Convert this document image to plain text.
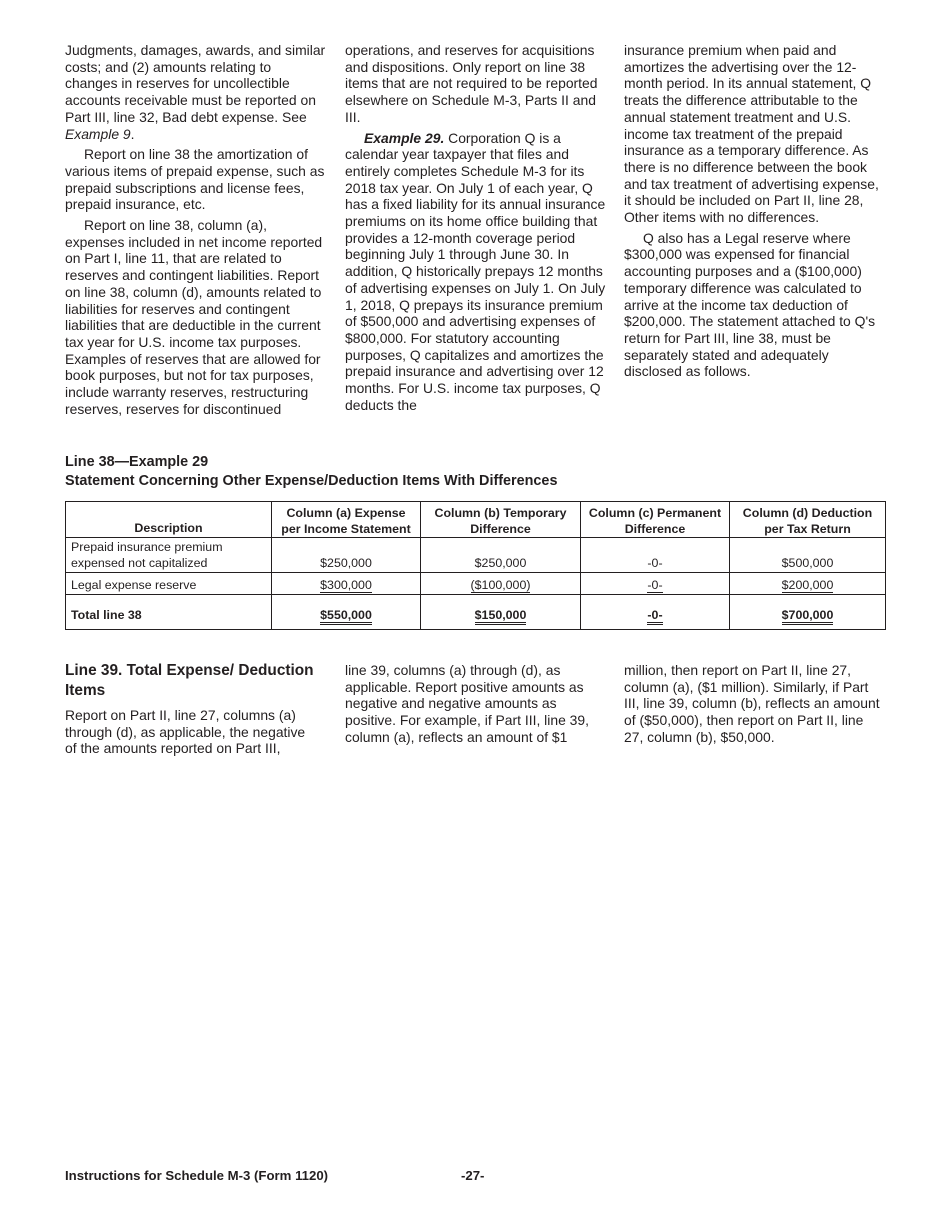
Judgments, damages, awards, and similar costs; and (2) amounts relating to changes in reserves for uncollectible accounts receivable must be reported on Part III, line 32, Bad debt expense. See Example 9.

Report on line 38 the amortization of various items of prepaid expense, such as prepaid subscriptions and license fees, prepaid insurance, etc.

Report on line 38, column (a), expenses included in net income reported on Part I, line 11, that are related to reserves and contingent liabilities. Report on line 38, column (d), amounts related to liabilities for reserves and contingent liabilities that are deductible in the current tax year for U.S. income tax purposes. Examples of reserves that are allowed for book purposes, but not for tax purposes, include warranty reserves, restructuring reserves, reserves for discontinued

operations, and reserves for acquisitions and dispositions. Only report on line 38 items that are not required to be reported elsewhere on Schedule M-3, Parts II and III.

Example 29. Corporation Q is a calendar year taxpayer that files and entirely completes Schedule M-3 for its 2018 tax year. On July 1 of each year, Q has a fixed liability for its annual insurance premiums on its home office building that provides a 12-month coverage period beginning July 1 through June 30. In addition, Q historically prepays 12 months of advertising expenses on July 1. On July 1, 2018, Q prepays its insurance premium of $500,000 and advertising expenses of $800,000. For statutory accounting purposes, Q capitalizes and amortizes the prepaid insurance and advertising over 12 months. For U.S. income tax purposes, Q deducts the

insurance premium when paid and amortizes the advertising over the 12-month period. In its annual statement, Q treats the difference attributable to the annual statement treatment and U.S. income tax treatment of the prepaid insurance as a temporary difference. As there is no difference between the book and tax treatment of advertising expense, it should be included on Part II, line 28, Other items with no differences.

Q also has a Legal reserve where $300,000 was expensed for financial accounting purposes and a ($100,000) temporary difference was calculated to arrive at the income tax deduction of $200,000. The statement attached to Q's return for Part III, line 38, must be separately stated and adequately disclosed as follows.

Line 38—Example 29
Statement Concerning Other Expense/Deduction Items With Differences
Description	Column (a) Expense per Income Statement	Column (b) Temporary Difference	Column (c) Permanent Difference	Column (d) Deduction per Tax Return
Prepaid insurance premium expensed not capitalized	$250,000	$250,000	-0-	$500,000
Legal expense reserve	$300,000	($100,000)	-0-	$200,000
Total line 38	$550,000	$150,000	-0-	$700,000
Line 39. Total Expense/ Deduction Items

Report on Part II, line 27, columns (a) through (d), as applicable, the negative of the amounts reported on Part III,

line 39, columns (a) through (d), as applicable. Report positive amounts as negative and negative amounts as positive. For example, if Part III, line 39, column (a), reflects an amount of $1

million, then report on Part II, line 27, column (a), ($1 million). Similarly, if Part III, line 39, column (b), reflects an amount of ($50,000), then report on Part II, line 27, column (b), $50,000.

Instructions for Schedule M-3 (Form 1120)	-27-
